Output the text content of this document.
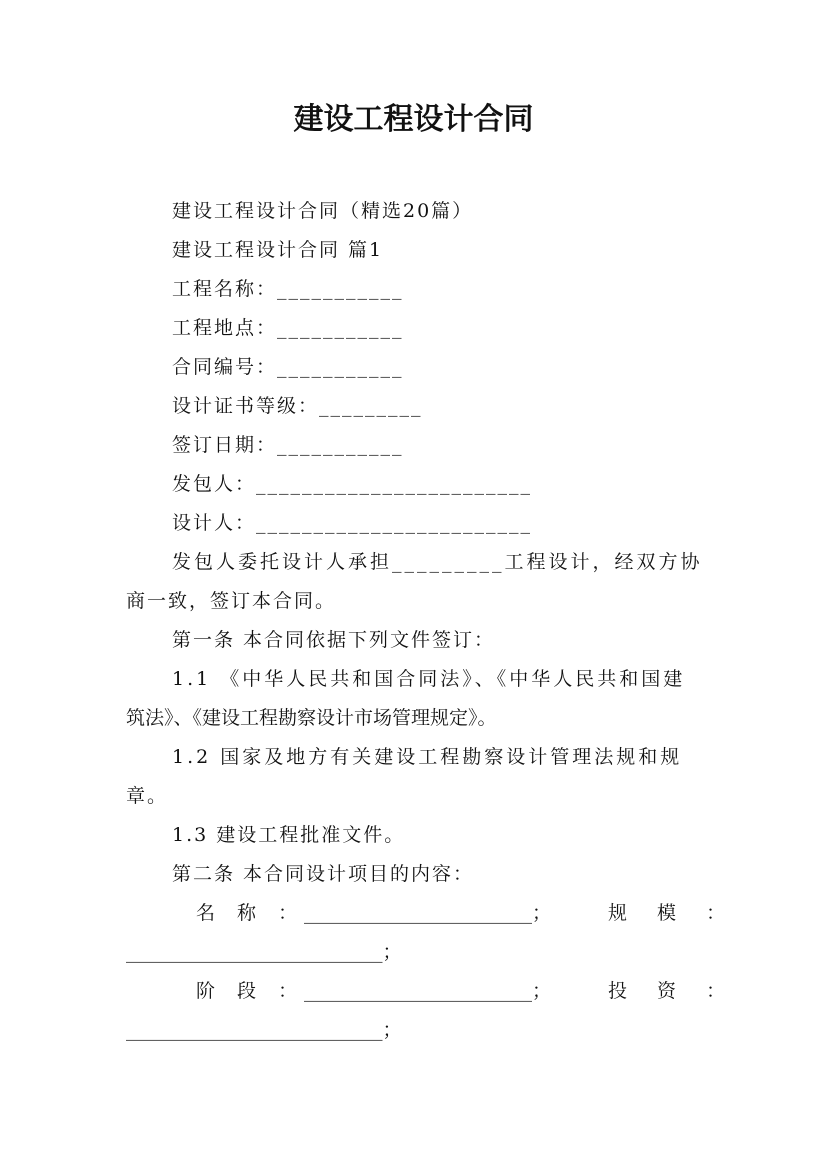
建设工程设计合同
建设工程设计合同（精选20篇）
建设工程设计合同 篇1
工程名称：___________
工程地点：___________
合同编号：___________
设计证书等级：_________
签订日期：___________
发包人：________________________
设计人：________________________
发包人委托设计人承担_________工程设计，经双方协
商一致，签订本合同。
第一条 本合同依据下列文件签订：
1.1 《中华人民共和国合同法》、《中华人民共和国建
筑法》、《建设工程勘察设计市场管理规定》。
1.2 国家及地方有关建设工程勘察设计管理法规和规
章。
1.3 建设工程批准文件。
第二条 本合同设计项目的内容：
名 称 ：
________________________；	规 模 ：
___________________________；
阶 段 ：
________________________；	投 资 ：
___________________________；
